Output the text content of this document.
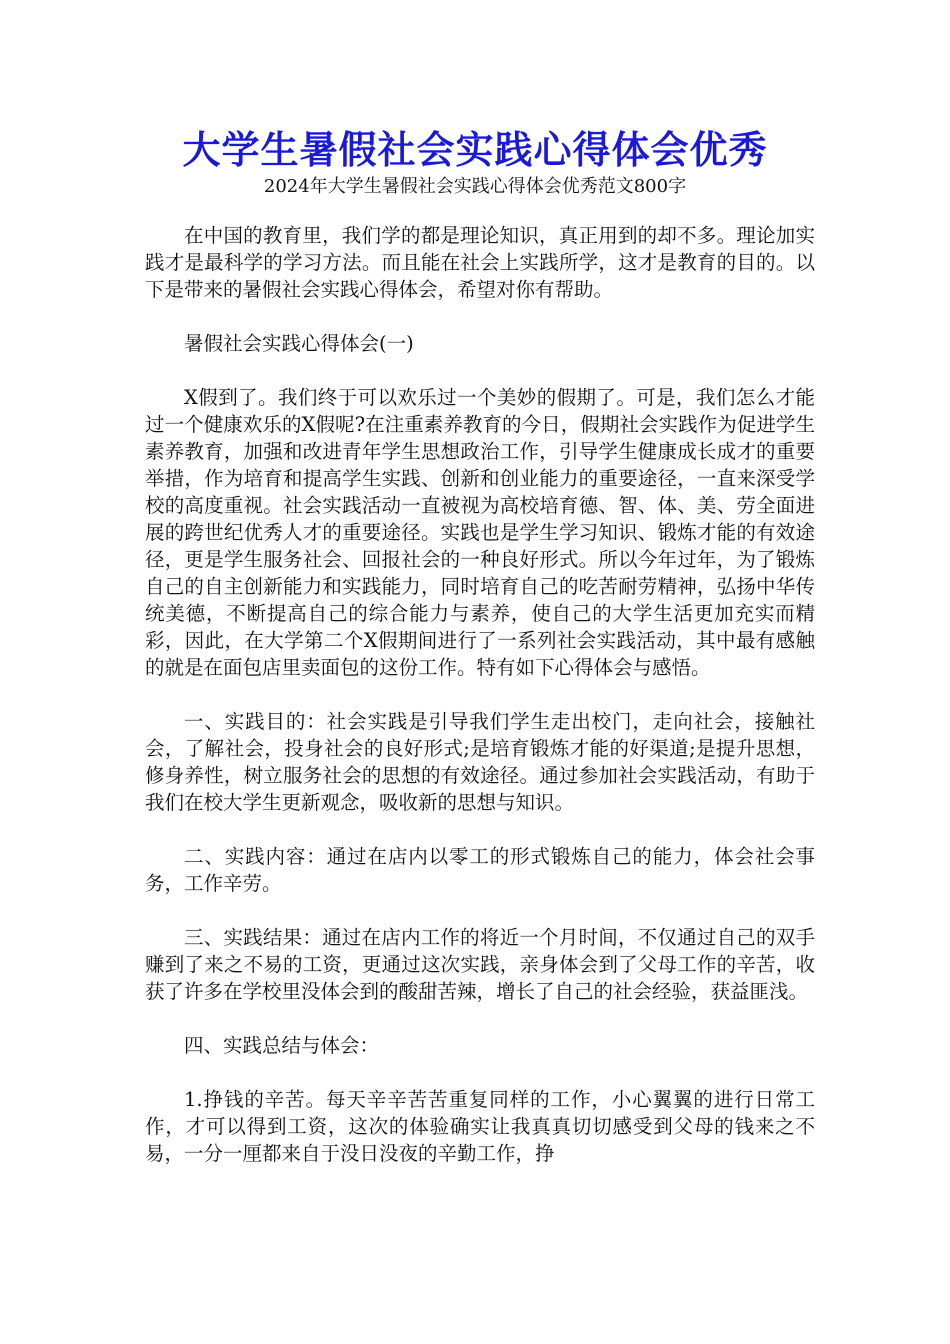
大学生暑假社会实践心得体会优秀
2024年大学生暑假社会实践心得体会优秀范文800字

在中国的教育里，我们学的都是理论知识，真正用到的却不多。理论加实践才是最科学的学习方法。而且能在社会上实践所学，这才是教育的目的。以下是带来的暑假社会实践心得体会，希望对你有帮助。

暑假社会实践心得体会(一)

X假到了。我们终于可以欢乐过一个美妙的假期了。可是，我们怎么才能过一个健康欢乐的X假呢?在注重素养教育的今日，假期社会实践作为促进学生素养教育，加强和改进青年学生思想政治工作，引导学生健康成长成才的重要举措，作为培育和提高学生实践、创新和创业能力的重要途径，一直来深受学校的高度重视。社会实践活动一直被视为高校培育德、智、体、美、劳全面进展的跨世纪优秀人才的重要途径。实践也是学生学习知识、锻炼才能的有效途径，更是学生服务社会、回报社会的一种良好形式。所以今年过年，为了锻炼自己的自主创新能力和实践能力，同时培育自己的吃苦耐劳精神，弘扬中华传统美德，不断提高自己的综合能力与素养，使自己的大学生活更加充实而精彩，因此，在大学第二个X假期间进行了一系列社会实践活动，其中最有感触的就是在面包店里卖面包的这份工作。特有如下心得体会与感悟。

一、实践目的：社会实践是引导我们学生走出校门，走向社会，接触社会，了解社会，投身社会的良好形式;是培育锻炼才能的好渠道;是提升思想，修身养性，树立服务社会的思想的有效途径。通过参加社会实践活动，有助于我们在校大学生更新观念，吸收新的思想与知识。

二、实践内容：通过在店内以零工的形式锻炼自己的能力，体会社会事务，工作辛劳。

三、实践结果：通过在店内工作的将近一个月时间，不仅通过自己的双手赚到了来之不易的工资，更通过这次实践，亲身体会到了父母工作的辛苦，收获了许多在学校里没体会到的酸甜苦辣，增长了自己的社会经验，获益匪浅。

四、实践总结与体会：

1.挣钱的辛苦。每天辛辛苦苦重复同样的工作，小心翼翼的进行日常工作，才可以得到工资，这次的体验确实让我真真切切感受到父母的钱来之不易，一分一厘都来自于没日没夜的辛勤工作，挣
